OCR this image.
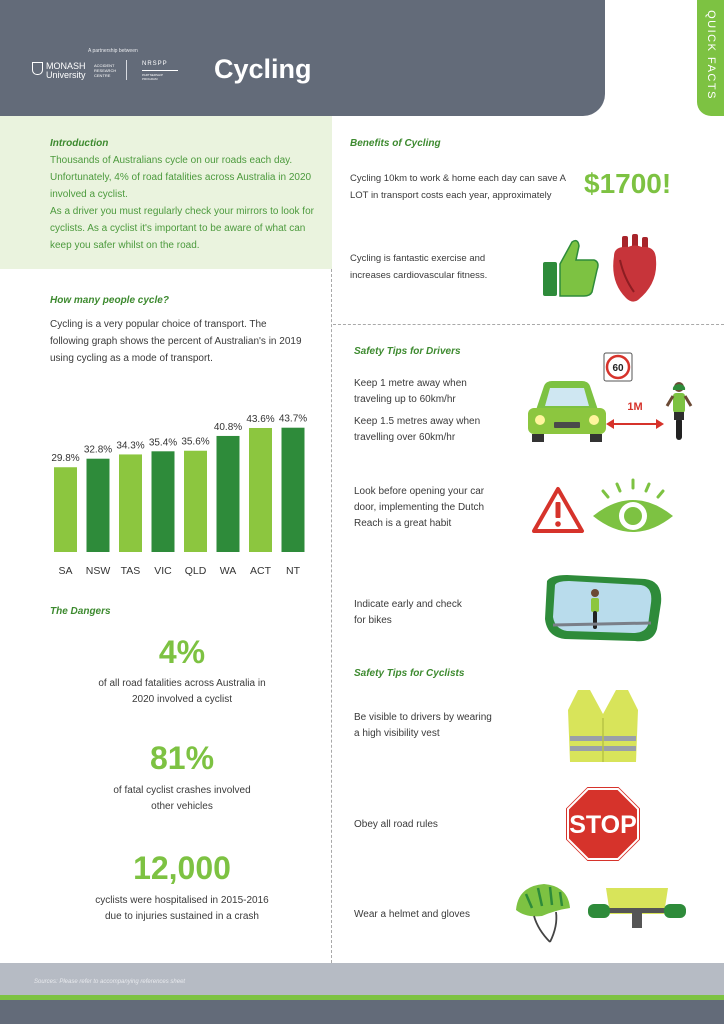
A partnership between
MONASH
University
ACCIDENT RESEARCH CENTRE
NRSPP
PARTNERSHIP PROGRAM	Cycling	QUICK FACTS

Introduction

Thousands of Australians cycle on our roads each day. Unfortunately, 4% of road fatalities across Australia in 2020 involved a cyclist.

As a driver you must regularly check your mirrors to look for cyclists. As a cyclist it's important to be aware of what can keep you safer whilst on the road.

How many people cycle?

Cycling is a very popular choice of transport. The following graph shows the percent of Australian's in 2019 using cycling as a mode of transport.

29.8%
SA
32.8%
NSW
34.3%
TAS
35.4%
VIC
35.6%
QLD
40.8%
WA
43.6%
ACT
43.7%
NT

The Dangers

4%

of all road fatalities across Australia in 2020 involved a cyclist

81%

of fatal cyclist crashes involved other vehicles

12,000

cyclists were hospitalised in 2015-2016 due to injuries sustained in a crash

Benefits of Cycling

Cycling 10km to work & home each day can save A LOT in transport costs each year, approximately	$1700!

Cycling is fantastic exercise and increases cardiovascular fitness.

Safety Tips for Drivers

Keep 1 metre away when traveling up to 60km/hr

Keep 1.5 metres away when travelling over 60km/hr

Look before opening your car door, implementing the Dutch Reach is a great habit

Indicate early and check for bikes

60
1M

Safety Tips for Cyclists

Be visible to drivers by wearing a high visibility vest

Obey all road rules

Wear a helmet and gloves

STOP
Sources: Please refer to accompanying references sheet
